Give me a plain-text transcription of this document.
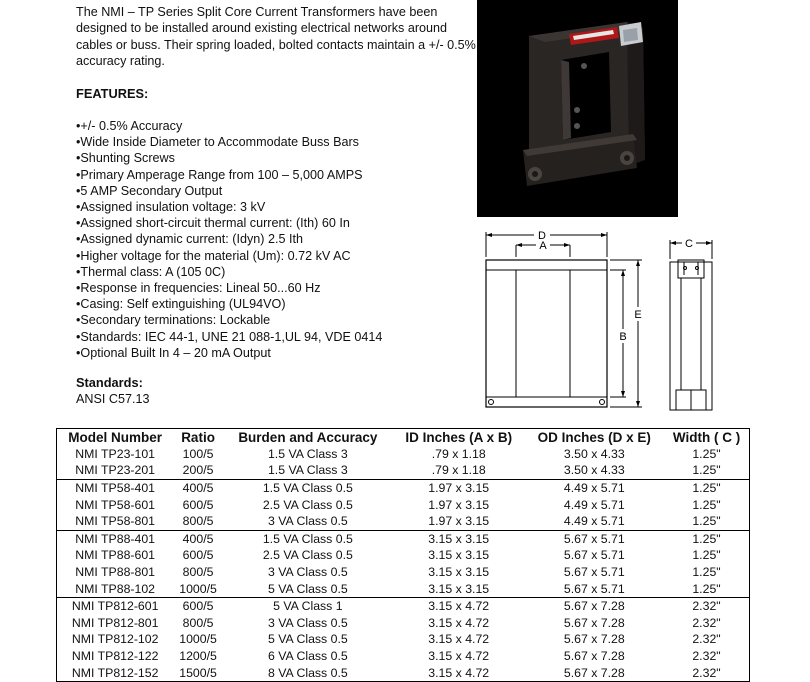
The NMI – TP Series Split Core Current Transformers have been designed to be installed around existing electrical networks around cables or buss. Their spring loaded, bolted contacts maintain a +/- 0.5% accuracy rating.
FEATURES:
•+/- 0.5% Accuracy
•Wide Inside Diameter to Accommodate Buss Bars
•Shunting Screws
•Primary Amperage Range from 100 – 5,000 AMPS
•5 AMP Secondary Output
•Assigned insulation voltage: 3 kV
•Assigned short-circuit thermal current: (Ith) 60 In
•Assigned dynamic current: (Idyn) 2.5 Ith
•Higher voltage for the material (Um): 0.72 kV AC
•Thermal class: A (105 0C)
•Response in frequencies: Lineal 50...60 Hz
•Casing: Self extinguishing (UL94VO)
•Secondary terminations: Lockable
•Standards: IEC 44-1, UNE 21 088-1,UL 94, VDE 0414
•Optional Built In 4 – 20 mA Output
Standards:
ANSI C57.13
D
A
E
B
C
Model Number	Ratio	Burden and Accuracy	ID Inches (A x B)	OD Inches (D x E)	Width ( C )
NMI TP23-101	100/5	1.5 VA Class 3	.79 x 1.18	3.50 x 4.33	1.25"
NMI TP23-201	200/5	1.5 VA Class 3	.79 x 1.18	3.50 x 4.33	1.25"
NMI TP58-401	400/5	1.5 VA Class 0.5	1.97 x 3.15	4.49 x 5.71	1.25"
NMI TP58-601	600/5	2.5 VA Class 0.5	1.97 x 3.15	4.49 x 5.71	1.25"
NMI TP58-801	800/5	3 VA Class 0.5	1.97 x 3.15	4.49 x 5.71	1.25"
NMI TP88-401	400/5	1.5 VA Class 0.5	3.15 x 3.15	5.67 x 5.71	1.25"
NMI TP88-601	600/5	2.5 VA Class 0.5	3.15 x 3.15	5.67 x 5.71	1.25"
NMI TP88-801	800/5	3 VA Class 0.5	3.15 x 3.15	5.67 x 5.71	1.25"
NMI TP88-102	1000/5	5 VA Class 0.5	3.15 x 3.15	5.67 x 5.71	1.25"
NMI TP812-601	600/5	5 VA Class 1	3.15 x 4.72	5.67 x 7.28	2.32"
NMI TP812-801	800/5	3 VA Class 0.5	3.15 x 4.72	5.67 x 7.28	2.32"
NMI TP812-102	1000/5	5 VA Class 0.5	3.15 x 4.72	5.67 x 7.28	2.32"
NMI TP812-122	1200/5	6 VA Class 0.5	3.15 x 4.72	5.67 x 7.28	2.32"
NMI TP812-152	1500/5	8 VA Class 0.5	3.15 x 4.72	5.67 x 7.28	2.32"
